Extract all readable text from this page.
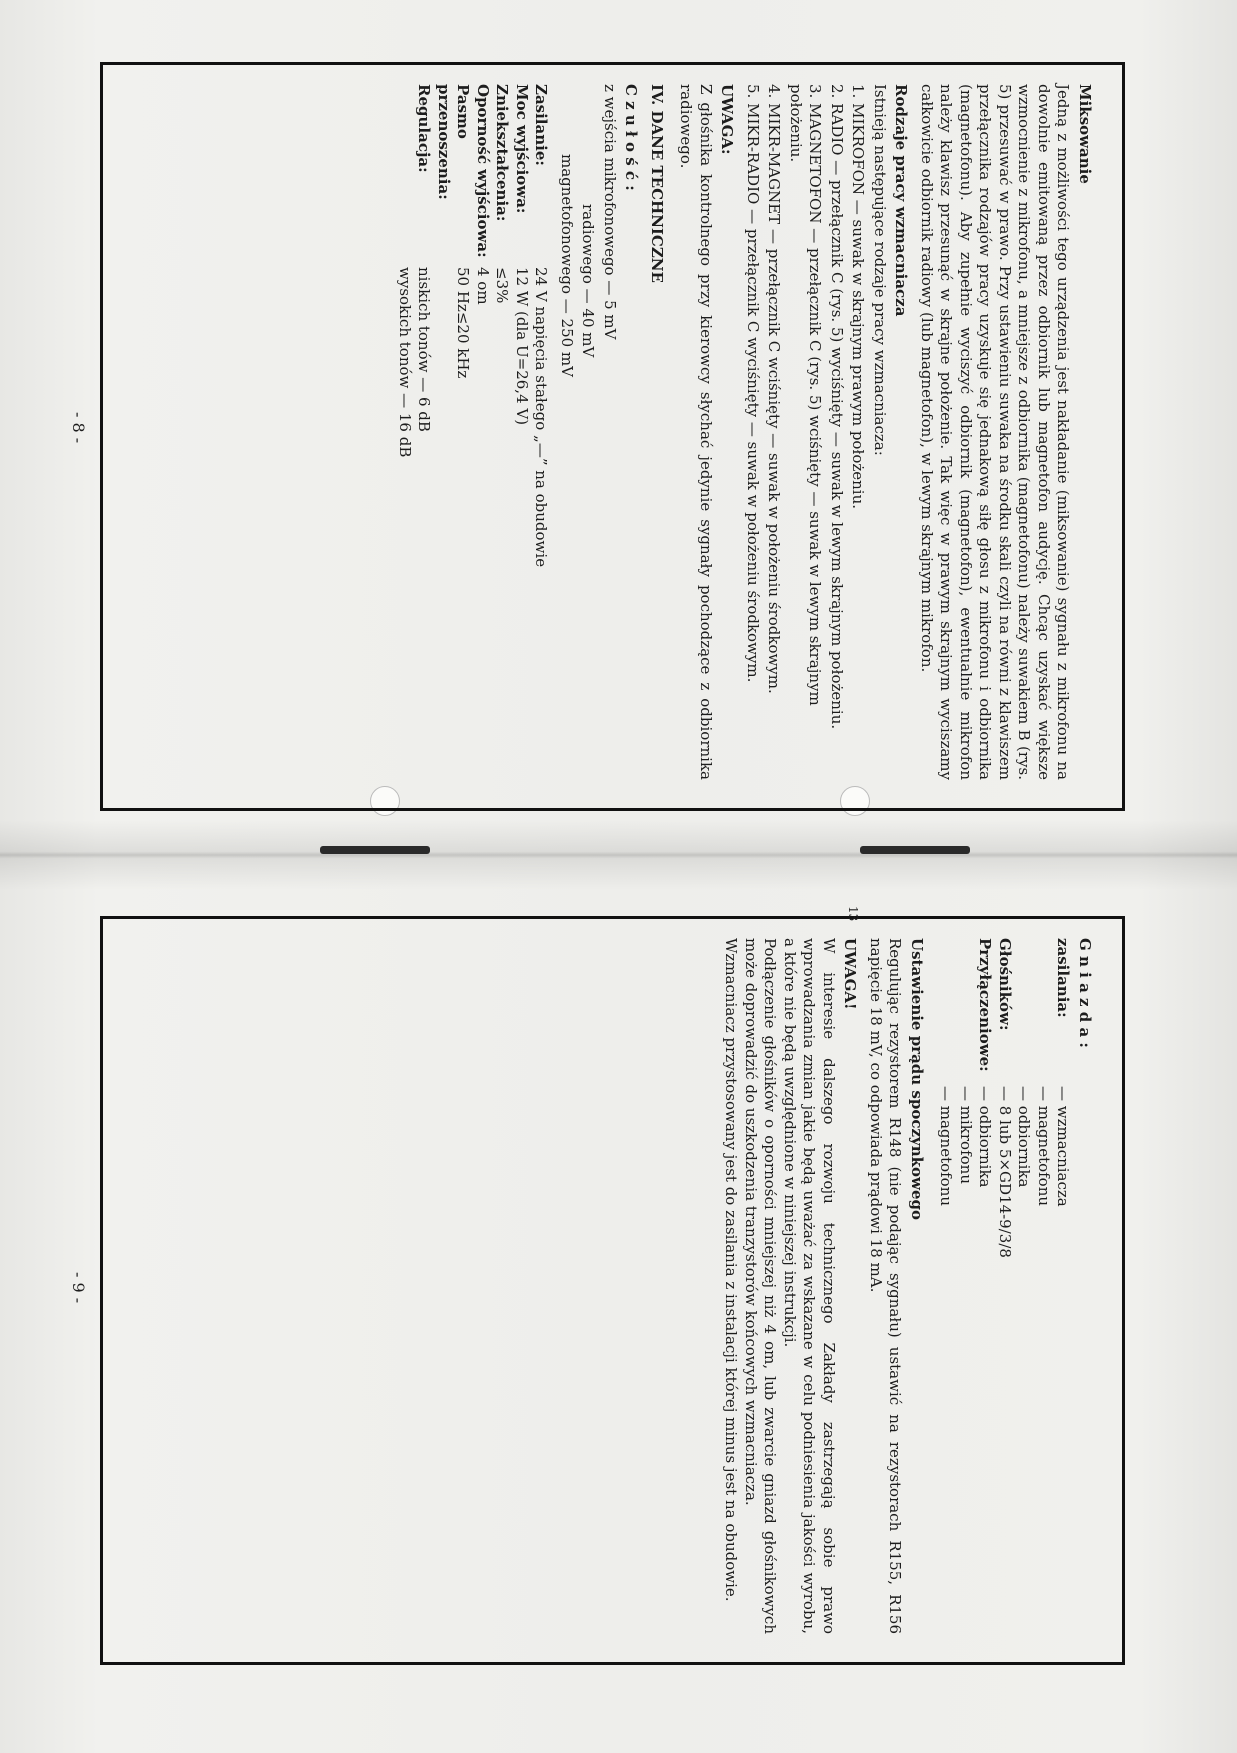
Miksowanie

Jedną z możliwości tego urządzenia jest nakładanie (miksowanie) sygnału z mikrofonu na dowolnie emitowaną przez odbiornik lub magnetofon audycję. Chcąc uzyskać większe wzmocnienie z mikrofonu, a mniejsze z odbiornika (magnetofonu) należy suwakiem B (rys. 5) przesuwać w prawo. Przy ustawieniu suwaka na środku skali czyli na równi z klawiszem przełącznika rodzajów pracy uzyskuje się jednakową siłę głosu z mikrofonu i odbiornika (magnetofonu). Aby zupełnie wyciszyć odbiornik (magnetofon), ewentualnie mikrofon należy klawisz przesunąć w skrajne położenie. Tak więc w prawym skrajnym wyciszamy całkowicie odbiornik radiowy (lub magnetofon), w lewym skrajnym mikrofon.

Rodzaje pracy wzmacniacza
Istnieją następujące rodzaje pracy wzmacniacza:
1. MIKROFON — suwak w skrajnym prawym położeniu.
2. RADIO — przełącznik C (rys. 5) wyciśnięty — suwak w lewym skrajnym położeniu.
3. MAGNETOFON — przełącznik C (rys. 5) wciśnięty — suwak w lewym skrajnym położeniu.
4. MIKR-MAGNET — przełącznik C wciśnięty — suwak w położeniu środkowym.
5. MIKR-RADIO — przełącznik C wyciśnięty — suwak w położeniu środkowym.
UWAGA:

Z głośnika kontrolnego przy kierowcy słychać jedynie sygnały pochodzące z odbiornika radiowego.

IV. DANE TECHNICZNE
C z u ł o ś ć :
z wejścia mikrofonowego — 5 mV
radiowego — 40 mV
magnetofonowego — 250 mV
Zasilanie:
24 V napięcia stałego „—” na obudowie
Moc wyjściowa:
12 W (dla U=26,4 V)
Zniekształcenia:
≤3%
Oporność wyjściowa:
4 om
Pasmo przenoszenia:
50 Hz≤20 kHz
Regulacja:
niskich tonów — 6 dB
wysokich tonów — 16 dB
- 8 -
G n i a z d a :
zasilania:
— wzmacniacza
— magnetofonu
— odbiornika
Głośników:
— 8 lub 5×GD14-9/3/8
Przyłączeniowe:
— odbiornika
— mikrofonu
— magnetofonu
Ustawienie prądu spoczynkowego

Regulując rezystorem R148 (nie podając sygnału) ustawić na rezystorach R155, R156 napięcie 18 mV, co odpowiada prądowi 18 mA.

UWAGA!

W interesie dalszego rozwoju technicznego Zakłady zastrzegają sobie prawo wprowadzania zmian jakie będą uważać za wskazane w celu podniesienia jakości wyrobu, a które nie będą uwzględnione w niniejszej instrukcji.

Podłączenie głośników o oporności mniejszej niż 4 om, lub zwarcie gniazd głośnikowych może doprowadzić do uszkodzenia tranzystorów końcowych wzmacniacza.

Wzmacniacz przystosowany jest do zasilania z instalacji której minus jest na obudowie.

- 9 -
13
